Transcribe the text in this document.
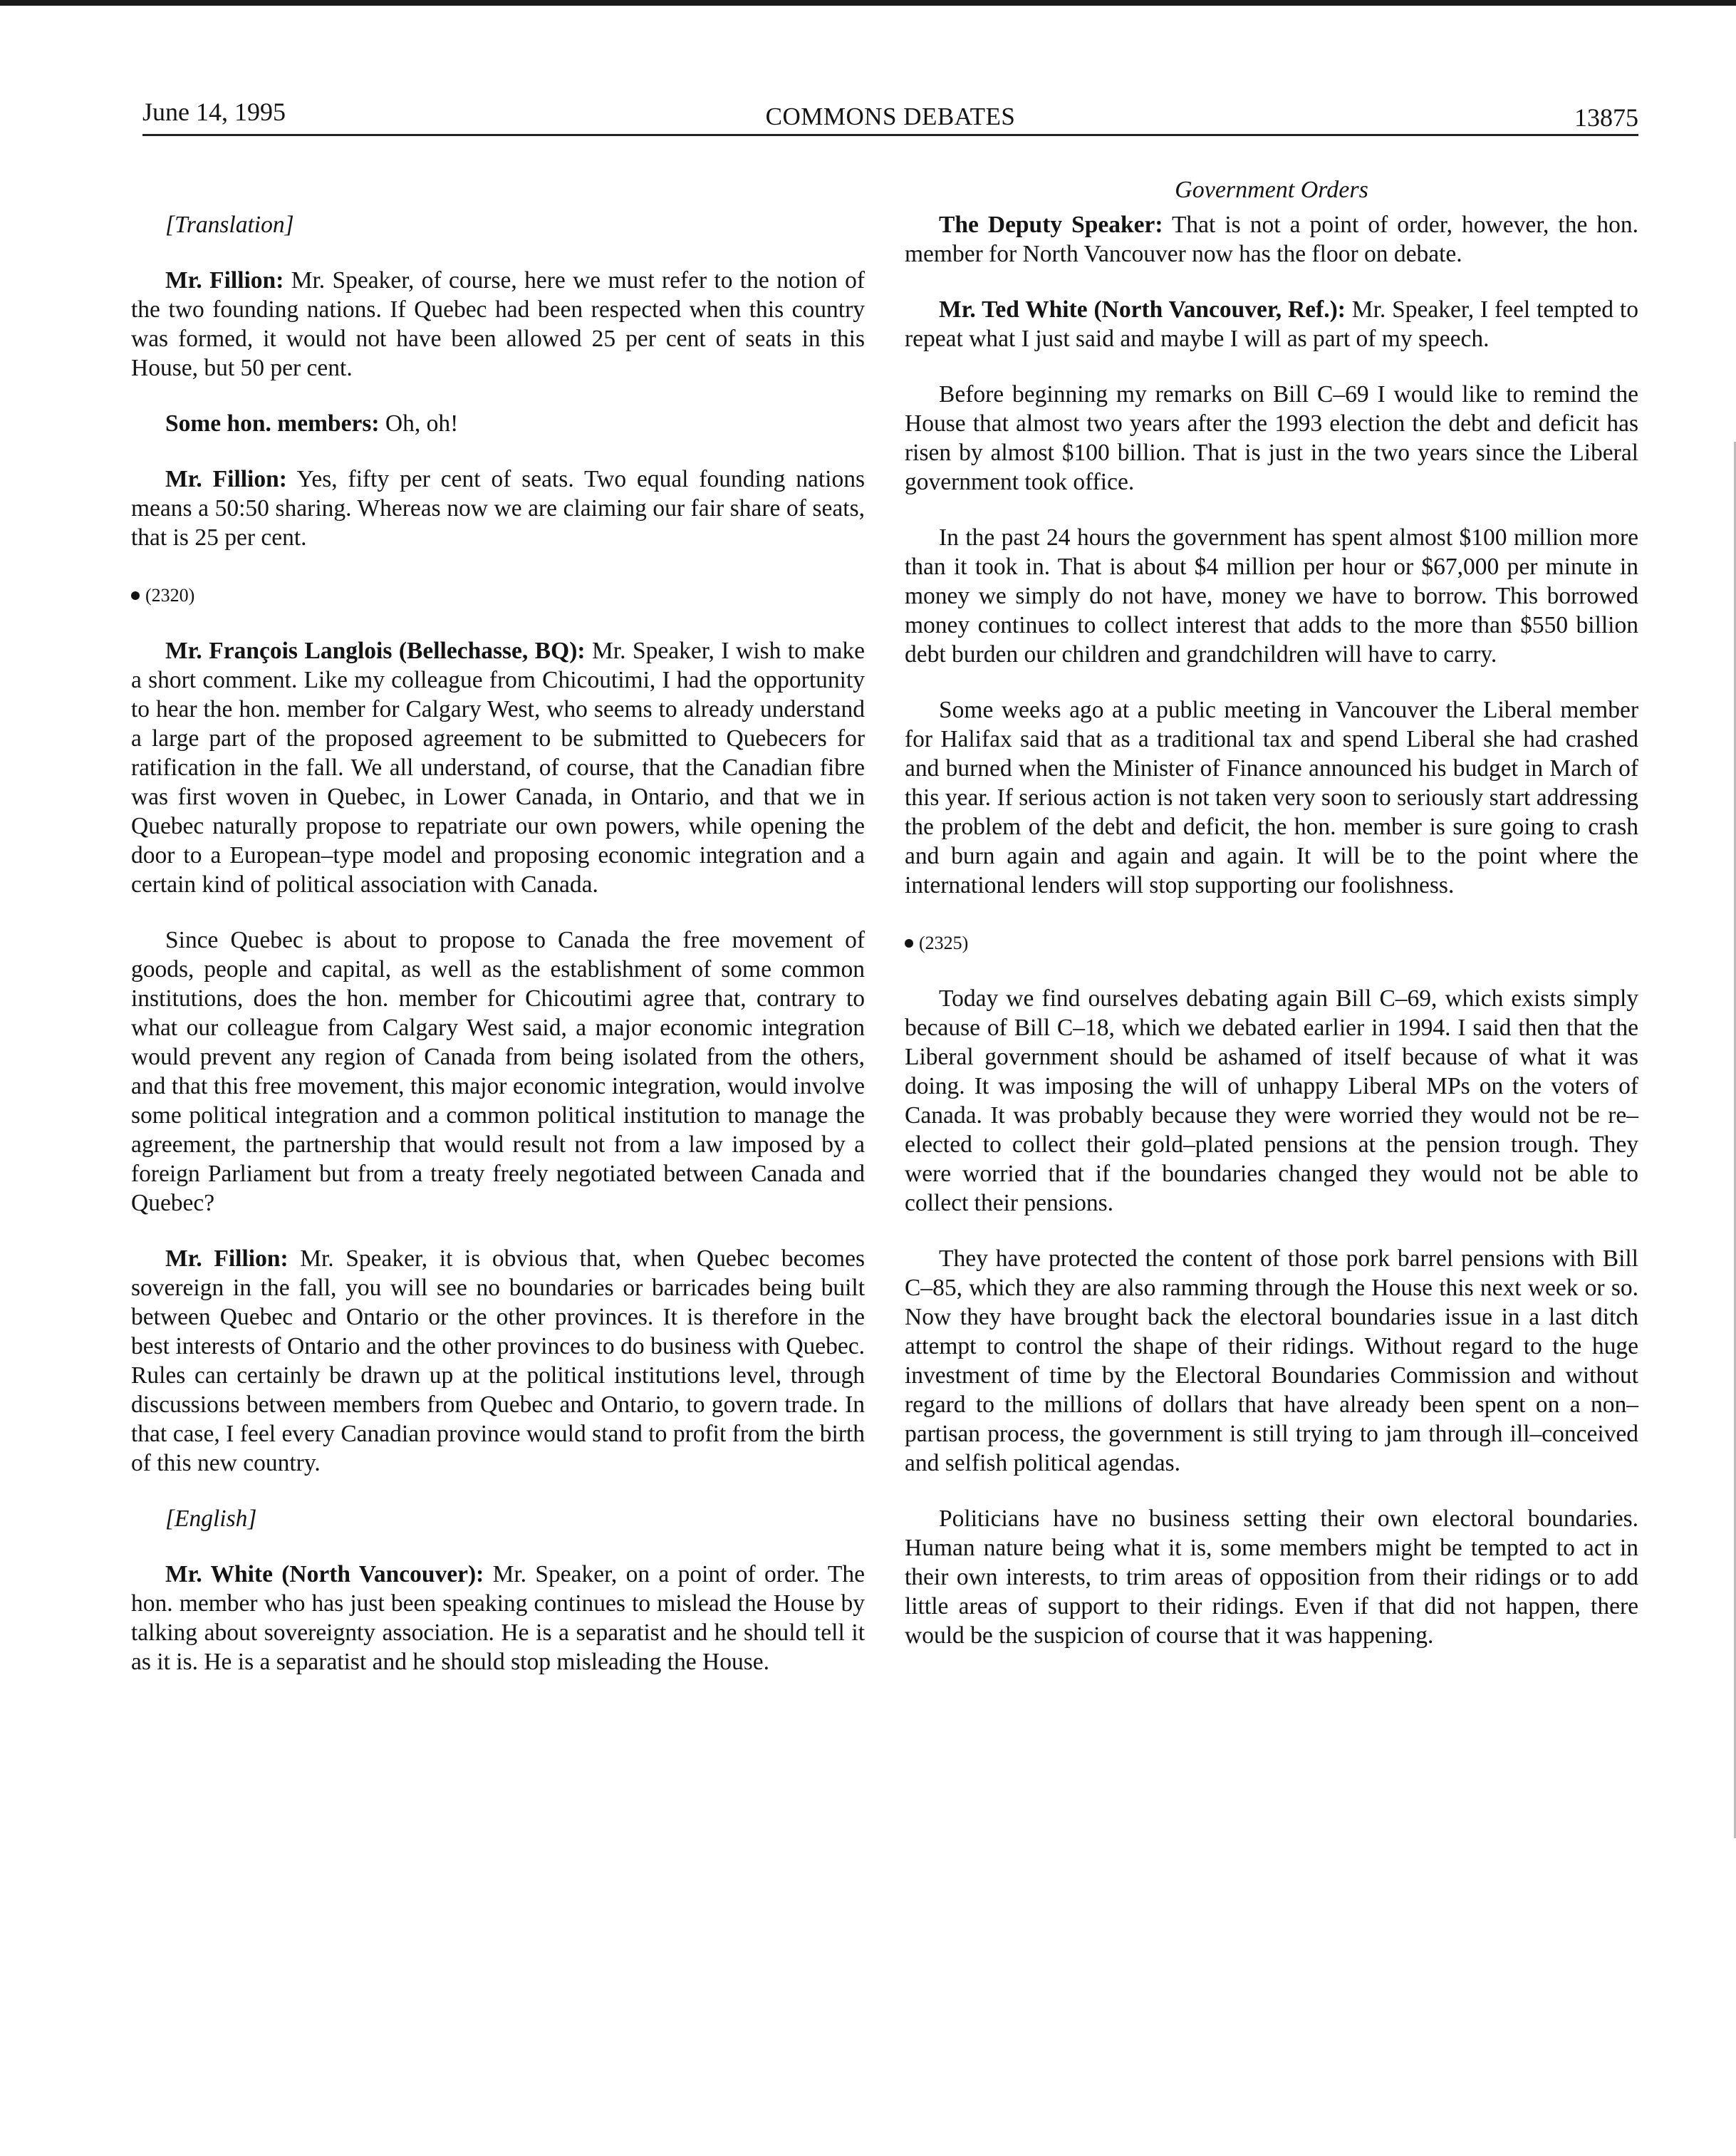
June 14, 1995	COMMONS DEBATES	13875
Government Orders
[Translation]

Mr. Fillion: Mr. Speaker, of course, here we must refer to the notion of the two founding nations. If Quebec had been respected when this country was formed, it would not have been allowed 25 per cent of seats in this House, but 50 per cent.

Some hon. members: Oh, oh!

Mr. Fillion: Yes, fifty per cent of seats. Two equal founding nations means a 50:50 sharing. Whereas now we are claiming our fair share of seats, that is 25 per cent.

(2320)

Mr. François Langlois (Bellechasse, BQ): Mr. Speaker, I wish to make a short comment. Like my colleague from Chicoutimi, I had the opportunity to hear the hon. member for Calgary West, who seems to already understand a large part of the proposed agreement to be submitted to Quebecers for ratification in the fall. We all understand, of course, that the Canadian fibre was first woven in Quebec, in Lower Canada, in Ontario, and that we in Quebec naturally propose to repatriate our own powers, while opening the door to a European–type model and proposing economic integration and a certain kind of political association with Canada.

Since Quebec is about to propose to Canada the free movement of goods, people and capital, as well as the establishment of some common institutions, does the hon. member for Chicoutimi agree that, contrary to what our colleague from Calgary West said, a major economic integration would prevent any region of Canada from being isolated from the others, and that this free movement, this major economic integration, would involve some political integration and a common political institution to manage the agreement, the partnership that would result not from a law imposed by a foreign Parliament but from a treaty freely negotiated between Canada and Quebec?

Mr. Fillion: Mr. Speaker, it is obvious that, when Quebec becomes sovereign in the fall, you will see no boundaries or barricades being built between Quebec and Ontario or the other provinces. It is therefore in the best interests of Ontario and the other provinces to do business with Quebec. Rules can certainly be drawn up at the political institutions level, through discussions between members from Quebec and Ontario, to govern trade. In that case, I feel every Canadian province would stand to profit from the birth of this new country.

[English]

Mr. White (North Vancouver): Mr. Speaker, on a point of order. The hon. member who has just been speaking continues to mislead the House by talking about sovereignty association. He is a separatist and he should tell it as it is. He is a separatist and he should stop misleading the House.

The Deputy Speaker: That is not a point of order, however, the hon. member for North Vancouver now has the floor on debate.

Mr. Ted White (North Vancouver, Ref.): Mr. Speaker, I feel tempted to repeat what I just said and maybe I will as part of my speech.

Before beginning my remarks on Bill C–69 I would like to remind the House that almost two years after the 1993 election the debt and deficit has risen by almost $100 billion. That is just in the two years since the Liberal government took office.

In the past 24 hours the government has spent almost $100 million more than it took in. That is about $4 million per hour or $67,000 per minute in money we simply do not have, money we have to borrow. This borrowed money continues to collect interest that adds to the more than $550 billion debt burden our children and grandchildren will have to carry.

Some weeks ago at a public meeting in Vancouver the Liberal member for Halifax said that as a traditional tax and spend Liberal she had crashed and burned when the Minister of Finance announced his budget in March of this year. If serious action is not taken very soon to seriously start addressing the problem of the debt and deficit, the hon. member is sure going to crash and burn again and again and again. It will be to the point where the international lenders will stop supporting our foolishness.

(2325)

Today we find ourselves debating again Bill C–69, which exists simply because of Bill C–18, which we debated earlier in 1994. I said then that the Liberal government should be ashamed of itself because of what it was doing. It was imposing the will of unhappy Liberal MPs on the voters of Canada. It was probably because they were worried they would not be re–elected to collect their gold–plated pensions at the pension trough. They were worried that if the boundaries changed they would not be able to collect their pensions.

They have protected the content of those pork barrel pensions with Bill C–85, which they are also ramming through the House this next week or so. Now they have brought back the electoral boundaries issue in a last ditch attempt to control the shape of their ridings. Without regard to the huge investment of time by the Electoral Boundaries Commission and without regard to the millions of dollars that have already been spent on a non–partisan process, the government is still trying to jam through ill–conceived and selfish political agendas.

Politicians have no business setting their own electoral boundaries. Human nature being what it is, some members might be tempted to act in their own interests, to trim areas of opposition from their ridings or to add little areas of support to their ridings. Even if that did not happen, there would be the suspicion of course that it was happening.
